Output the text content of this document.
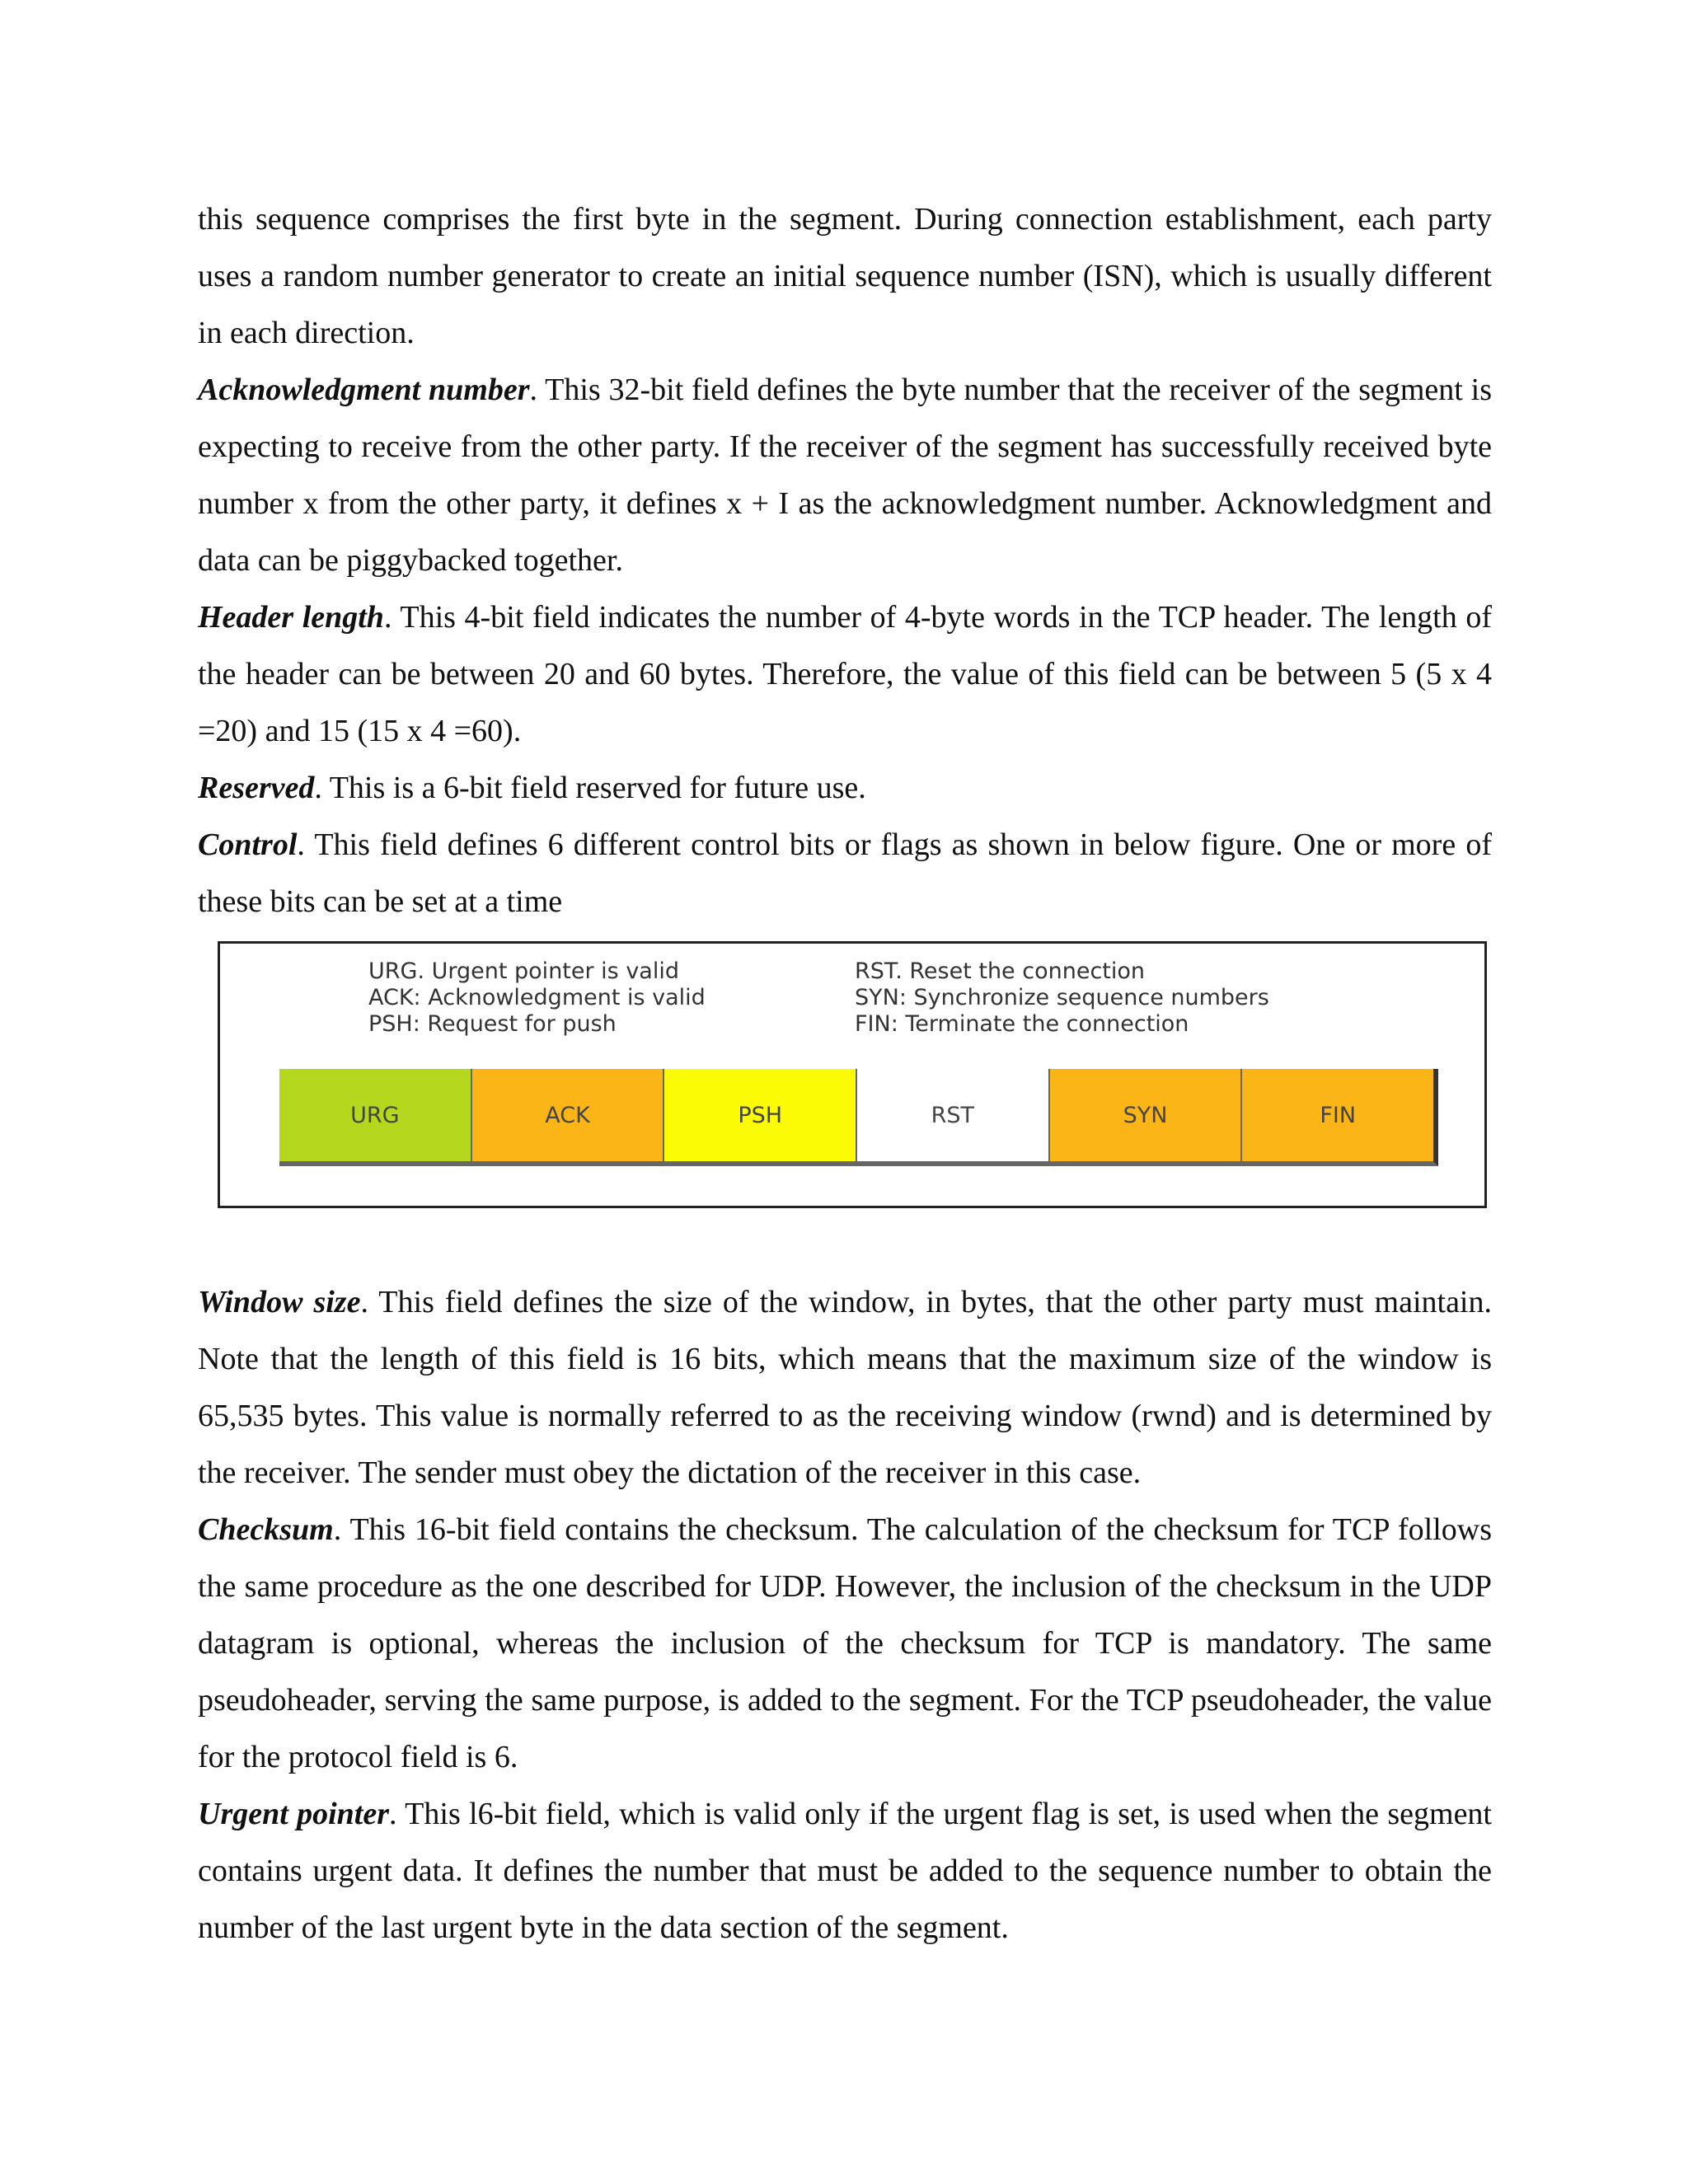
this sequence comprises the first byte in the segment. During connection establishment, each party uses a random number generator to create an initial sequence number (ISN), which is usually different in each direction.

Acknowledgment number. This 32-bit field defines the byte number that the receiver of the segment is expecting to receive from the other party. If the receiver of the segment has successfully received byte number x from the other party, it defines x + I as the acknowledgment number. Acknowledgment and data can be piggybacked together.

Header length. This 4-bit field indicates the number of 4-byte words in the TCP header. The length of the header can be between 20 and 60 bytes. Therefore, the value of this field can be between 5 (5 x 4 =20) and 15 (15 x 4 =60).

Reserved. This is a 6-bit field reserved for future use.

Control. This field defines 6 different control bits or flags as shown in below figure. One or more of these bits can be set at a time

URG. Urgent pointer is valid
ACK: Acknowledgment is valid
PSH: Request for push
RST. Reset the connection
SYN: Synchronize sequence numbers
FIN: Terminate the connection
URG	ACK	PSH	RST	SYN	FIN

Window size. This field defines the size of the window, in bytes, that the other party must maintain. Note that the length of this field is 16 bits, which means that the maximum size of the window is 65,535 bytes. This value is normally referred to as the receiving window (rwnd) and is determined by the receiver. The sender must obey the dictation of the receiver in this case.

Checksum. This 16-bit field contains the checksum. The calculation of the checksum for TCP follows the same procedure as the one described for UDP. However, the inclusion of the checksum in the UDP datagram is optional, whereas the inclusion of the checksum for TCP is mandatory. The same pseudoheader, serving the same purpose, is added to the segment. For the TCP pseudoheader, the value for the protocol field is 6.

Urgent pointer. This l6-bit field, which is valid only if the urgent flag is set, is used when the segment contains urgent data. It defines the number that must be added to the sequence number to obtain the number of the last urgent byte in the data section of the segment.
